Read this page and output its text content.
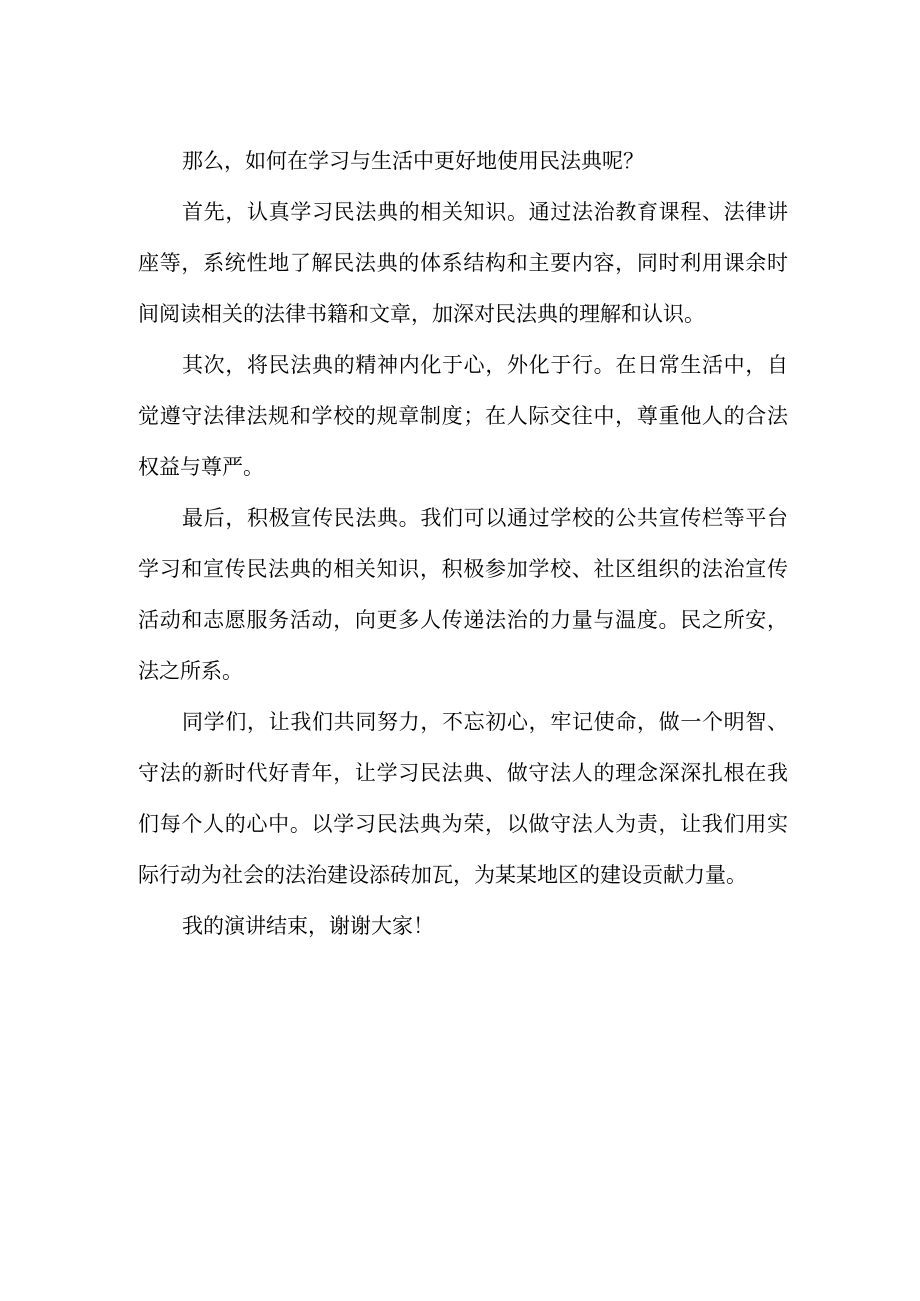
那么，如何在学习与生活中更好地使用民法典呢？

首先，认真学习民法典的相关知识。通过法治教育课程、法律讲座等，系统性地了解民法典的体系结构和主要内容，同时利用课余时间阅读相关的法律书籍和文章，加深对民法典的理解和认识。

其次，将民法典的精神内化于心，外化于行。在日常生活中，自觉遵守法律法规和学校的规章制度；在人际交往中，尊重他人的合法权益与尊严。

最后，积极宣传民法典。我们可以通过学校的公共宣传栏等平台学习和宣传民法典的相关知识，积极参加学校、社区组织的法治宣传活动和志愿服务活动，向更多人传递法治的力量与温度。民之所安，法之所系。

同学们，让我们共同努力，不忘初心，牢记使命，做一个明智、守法的新时代好青年，让学习民法典、做守法人的理念深深扎根在我们每个人的心中。以学习民法典为荣，以做守法人为责，让我们用实际行动为社会的法治建设添砖加瓦，为某某地区的建设贡献力量。

我的演讲结束，谢谢大家！
